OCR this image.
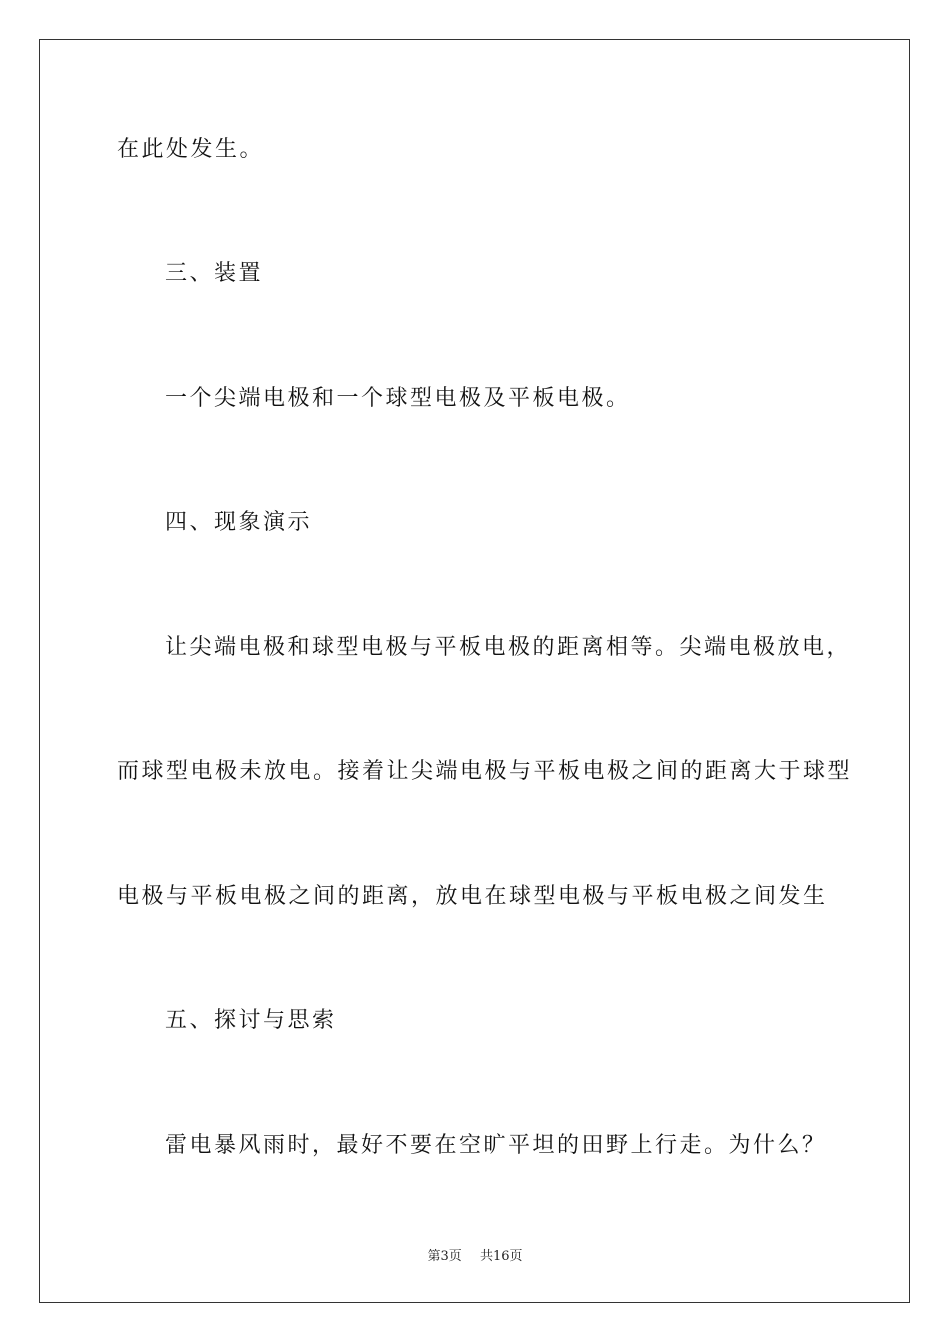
在此处发生。
三、装置
一个尖端电极和一个球型电极及平板电极。
四、现象演示
让尖端电极和球型电极与平板电极的距离相等。尖端电极放电，
而球型电极未放电。接着让尖端电极与平板电极之间的距离大于球型
电极与平板电极之间的距离，放电在球型电极与平板电极之间发生
五、探讨与思索
雷电暴风雨时，最好不要在空旷平坦的田野上行走。为什么？
第3页 共16页
